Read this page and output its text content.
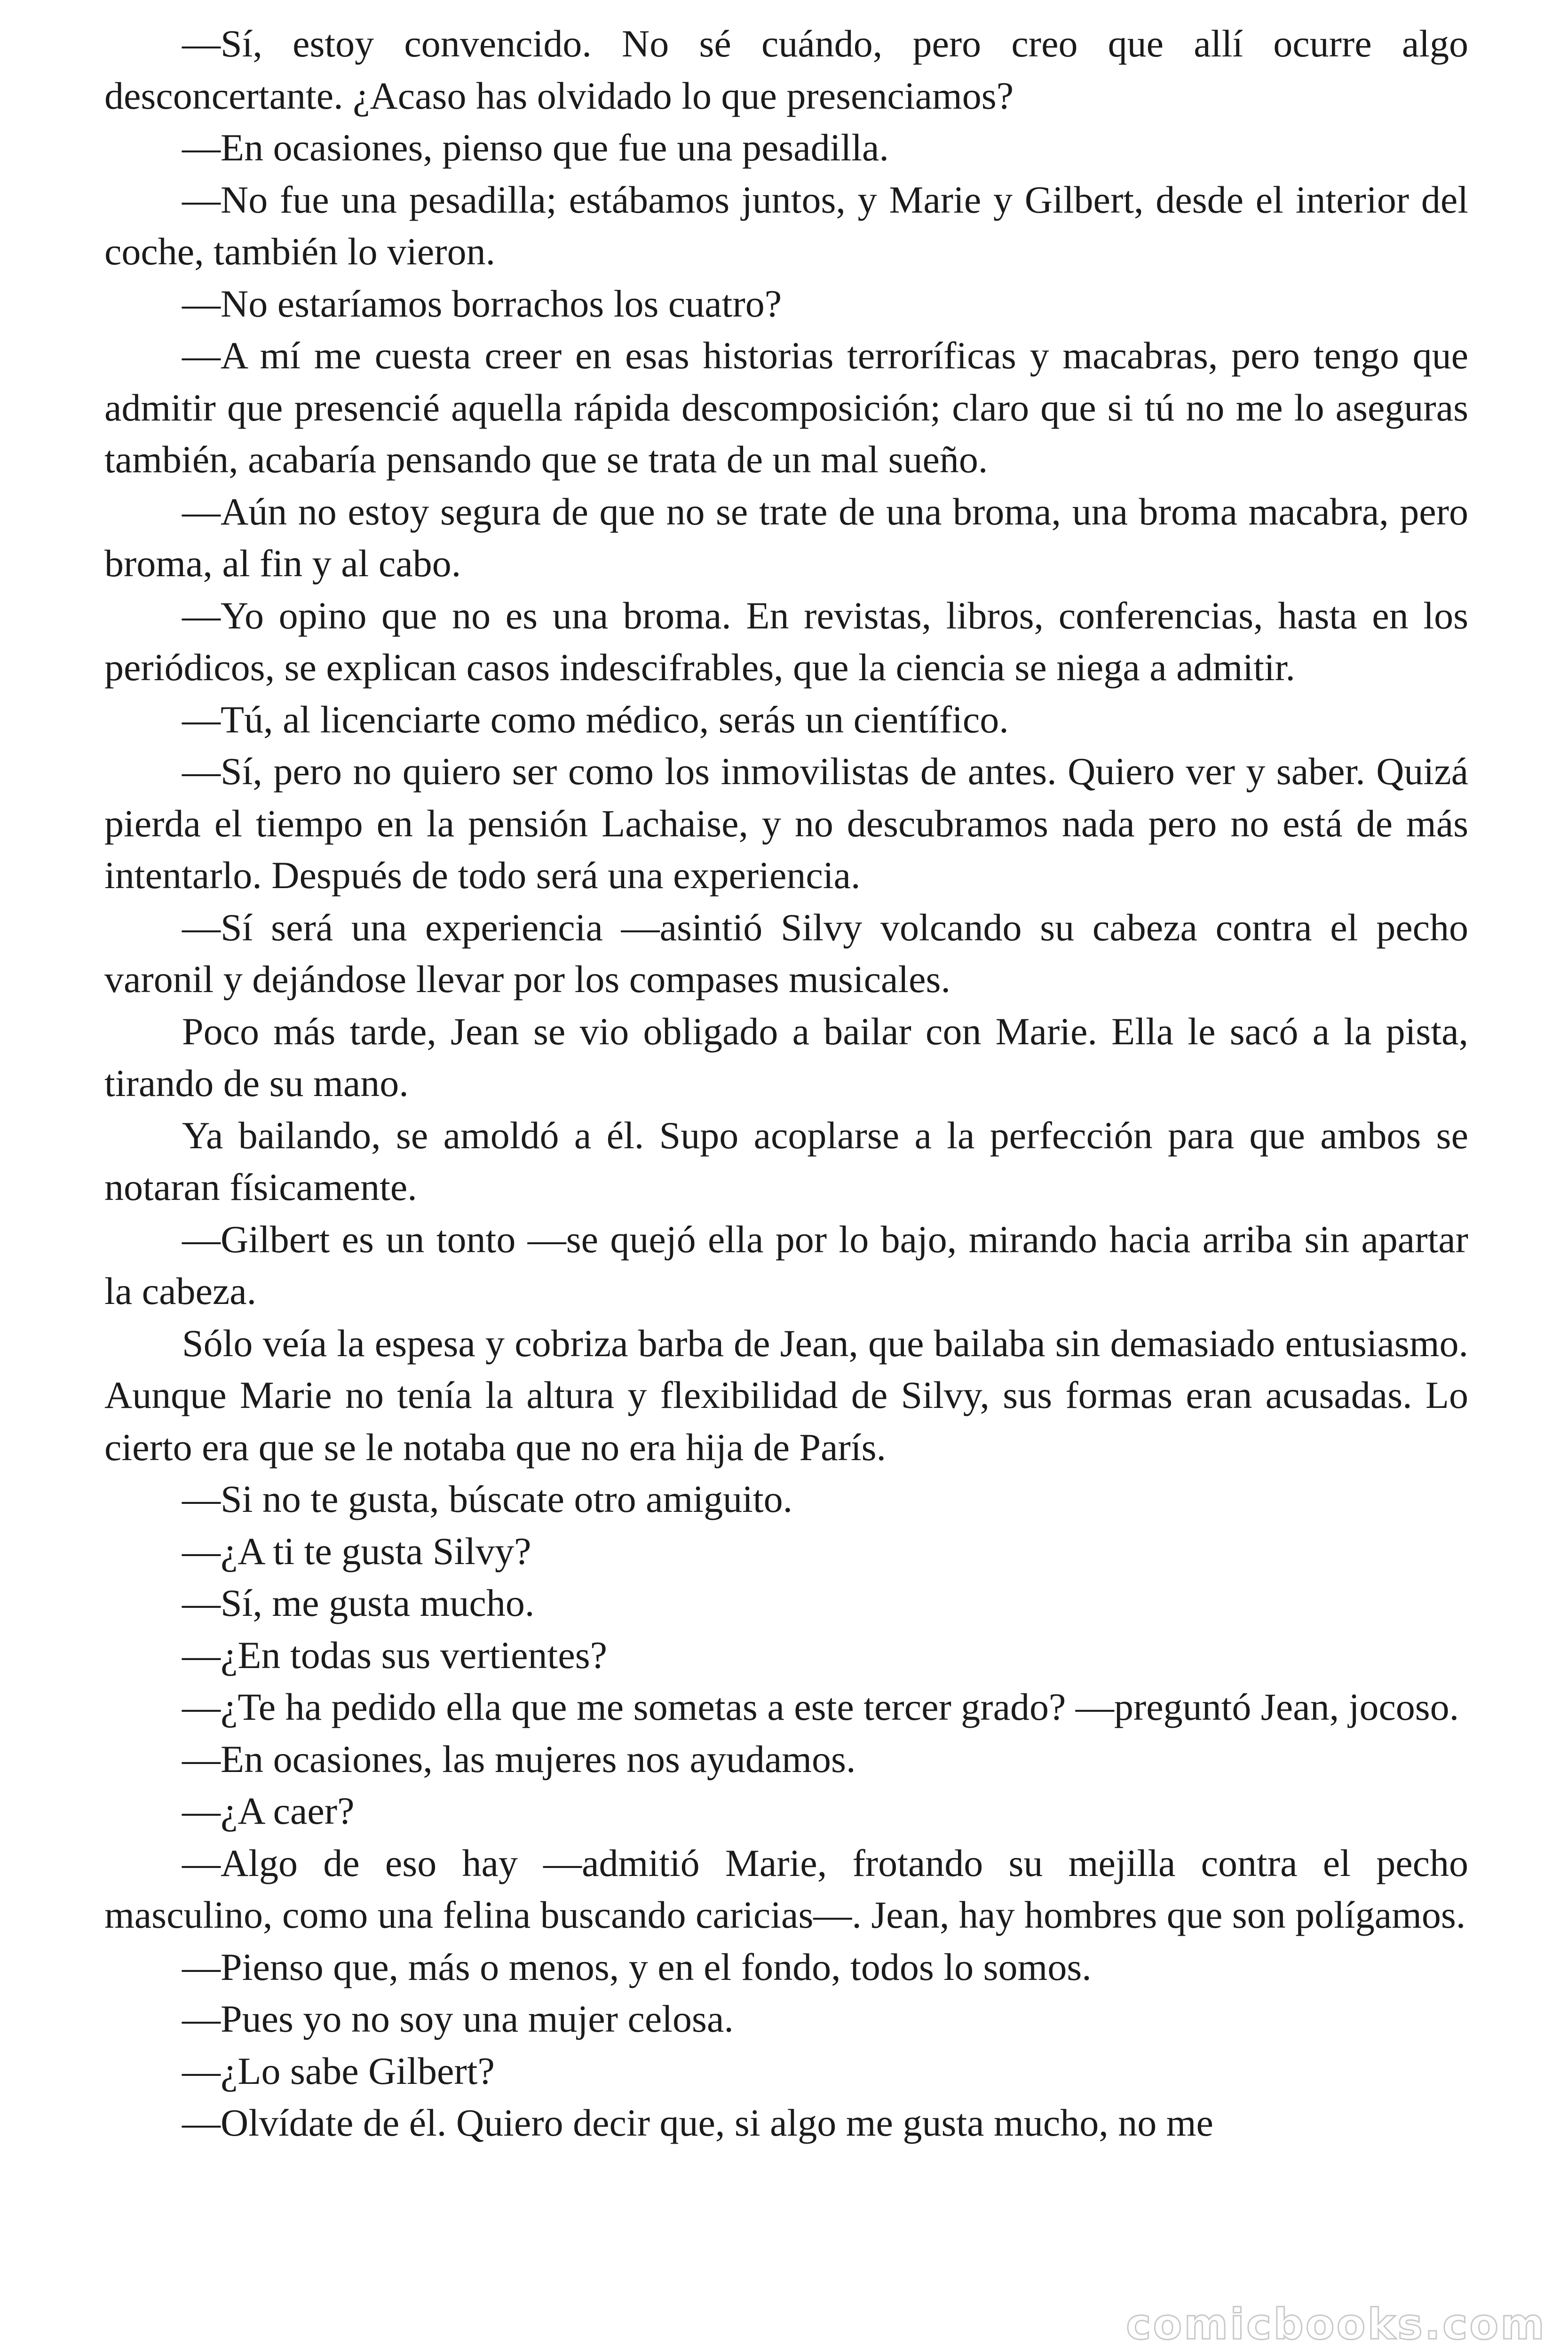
—Sí, estoy convencido. No sé cuándo, pero creo que allí ocurre algo desconcertante. ¿Acaso has olvidado lo que presenciamos?

—En ocasiones, pienso que fue una pesadilla.

—No fue una pesadilla; estábamos juntos, y Marie y Gilbert, desde el interior del coche, también lo vieron.

—No estaríamos borrachos los cuatro?

—A mí me cuesta creer en esas historias terroríficas y macabras, pero tengo que admitir que presencié aquella rápida descomposición; claro que si tú no me lo aseguras también, acabaría pensando que se trata de un mal sueño.

—Aún no estoy segura de que no se trate de una broma, una broma macabra, pero broma, al fin y al cabo.

—Yo opino que no es una broma. En revistas, libros, conferencias, hasta en los periódicos, se explican casos indescifrables, que la ciencia se niega a admitir.

—Tú, al licenciarte como médico, serás un científico.

—Sí, pero no quiero ser como los inmovilistas de antes. Quiero ver y saber. Quizá pierda el tiempo en la pensión Lachaise, y no descubramos nada pero no está de más intentarlo. Después de todo será una experiencia.

—Sí será una experiencia —asintió Silvy volcando su cabeza contra el pecho varonil y dejándose llevar por los compases musicales.

Poco más tarde, Jean se vio obligado a bailar con Marie. Ella le sacó a la pista, tirando de su mano.

Ya bailando, se amoldó a él. Supo acoplarse a la perfección para que ambos se notaran físicamente.

—Gilbert es un tonto —se quejó ella por lo bajo, mirando hacia arriba sin apartar la cabeza.

Sólo veía la espesa y cobriza barba de Jean, que bailaba sin demasiado entusiasmo. Aunque Marie no tenía la altura y flexibilidad de Silvy, sus formas eran acusadas. Lo cierto era que se le notaba que no era hija de París.

—Si no te gusta, búscate otro amiguito.

—¿A ti te gusta Silvy?

—Sí, me gusta mucho.

—¿En todas sus vertientes?

—¿Te ha pedido ella que me sometas a este tercer grado? —preguntó Jean, jocoso.

—En ocasiones, las mujeres nos ayudamos.

—¿A caer?

—Algo de eso hay —admitió Marie, frotando su mejilla contra el pecho masculino, como una felina buscando caricias—. Jean, hay hombres que son polígamos.

—Pienso que, más o menos, y en el fondo, todos lo somos.

—Pues yo no soy una mujer celosa.

—¿Lo sabe Gilbert?

—Olvídate de él. Quiero decir que, si algo me gusta mucho, no me

comicbooks.com
